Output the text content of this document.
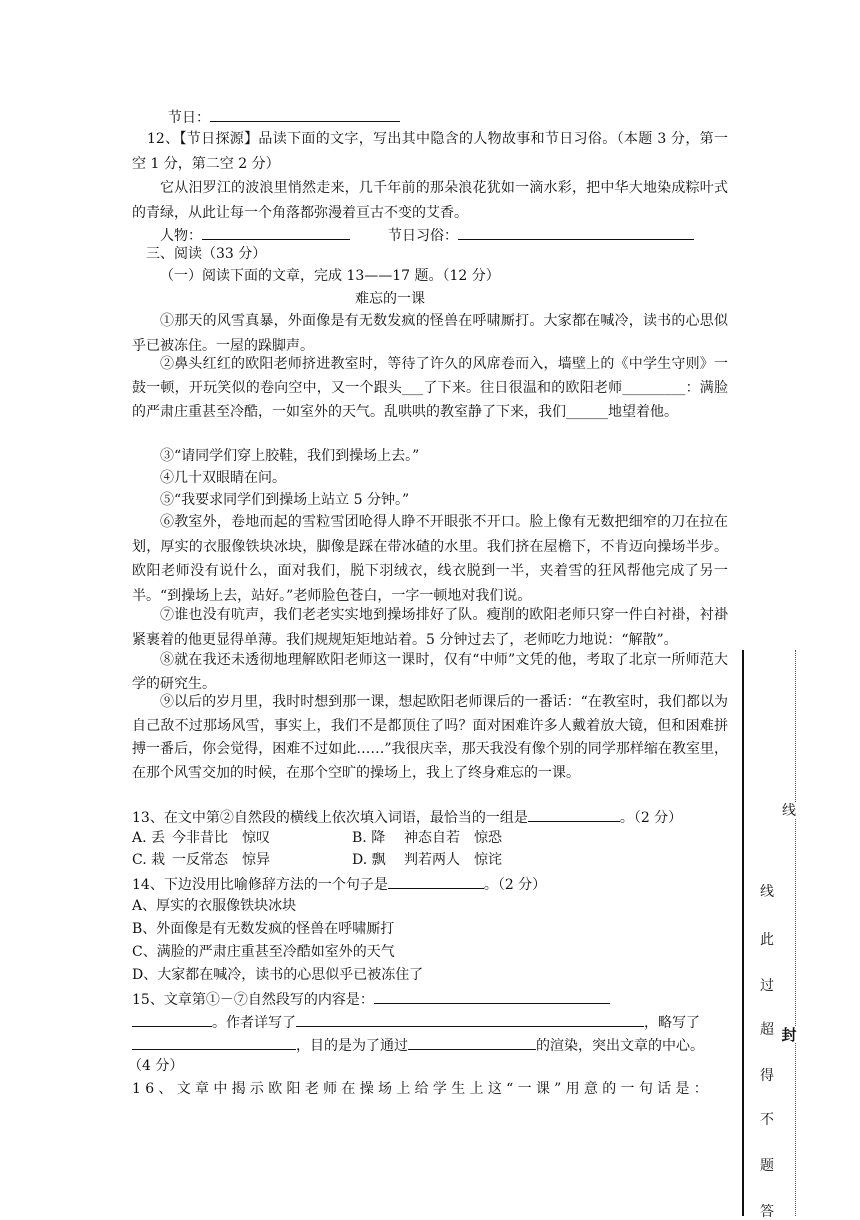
节日：
12、【节日探源】品读下面的文字，写出其中隐含的人物故事和节日习俗。（本题 3 分，第一空 1 分，第二空 2 分）
它从汨罗江的波浪里悄然走来，几千年前的那朵浪花犹如一滴水彩，把中华大地染成粽叶式的青绿，从此让每一个角落都弥漫着亘古不变的艾香。
人物：	节日习俗：
三、阅读（33 分）
（一）阅读下面的文章，完成 13——17 题。（12 分）
难忘的一课
①那天的风雪真暴，外面像是有无数发疯的怪兽在呼啸厮打。大家都在喊冷，读书的心思似乎已被冻住。一屋的跺脚声。
②鼻头红红的欧阳老师挤进教室时，等待了许久的风席卷而入，墙壁上的《中学生守则》一鼓一顿，开玩笑似的卷向空中，又一个跟头___了下来。往日很温和的欧阳老师_________：满脸的严肃庄重甚至冷酷，一如室外的天气。乱哄哄的教室静了下来，我们______地望着他。
③“请同学们穿上胶鞋，我们到操场上去。”
④几十双眼睛在问。
⑤“我要求同学们到操场上站立 5 分钟。”
⑥教室外，卷地而起的雪粒雪团呛得人睁不开眼张不开口。脸上像有无数把细窄的刀在拉在划，厚实的衣服像铁块冰块，脚像是踩在带冰碴的水里。我们挤在屋檐下，不肯迈向操场半步。欧阳老师没有说什么，面对我们，脱下羽绒衣，线衣脱到一半，夹着雪的狂风帮他完成了另一半。“到操场上去，站好。”老师脸色苍白，一字一顿地对我们说。
⑦谁也没有吭声，我们老老实实地到操场排好了队。瘦削的欧阳老师只穿一件白衬褂，衬褂紧裹着的他更显得单薄。我们规规矩矩地站着。5 分钟过去了，老师吃力地说：“解散”。
⑧就在我还未透彻地理解欧阳老师这一课时，仅有“中师”文凭的他，考取了北京一所师范大学的研究生。
⑨以后的岁月里，我时时想到那一课，想起欧阳老师课后的一番话：“在教室时，我们都以为自己敌不过那场风雪，事实上，我们不是都顶住了吗？面对困难许多人戴着放大镜，但和困难拼搏一番后，你会觉得，困难不过如此……”我很庆幸，那天我没有像个别的同学那样缩在教室里，在那个风雪交加的时候，在那个空旷的操场上，我上了终身难忘的一课。
13、在文中第②自然段的横线上依次填入词语，最恰当的一组是	。（2 分）
A. 丢 今非昔比 惊叹	B. 降 神态自若 惊恐
C. 栽 一反常态 惊异	D. 飘 判若两人 惊诧
14、下边没用比喻修辞方法的一个句子是	。（2 分）
A、厚实的衣服像铁块冰块
B、外面像是有无数发疯的怪兽在呼啸厮打
C、满脸的严肃庄重甚至冷酷如室外的天气
D、大家都在喊冷，读书的心思似乎已被冻住了
15、文章第①－⑦自然段写的内容是：
。作者详写了	，略写了
，目的是为了通过	的渲染，突出文章的中心。
（4 分）
16、文章中揭示欧阳老师在操场上给学生上这“一课”用意的一句话是：
线
封
线
此
过
超
得
不
题
答
